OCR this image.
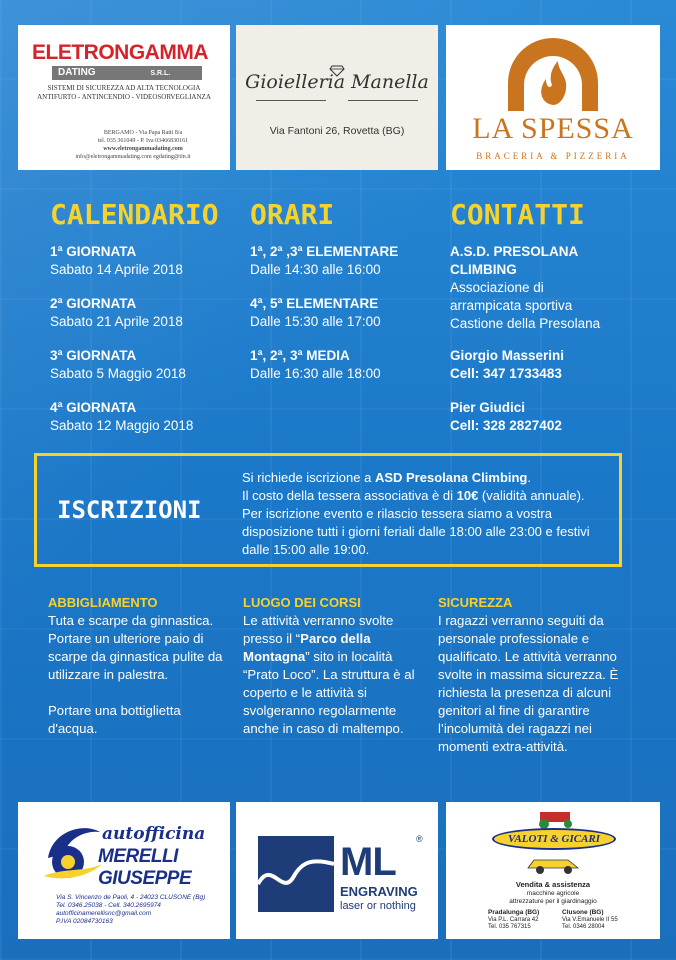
ELETRONGAMMA
DATING	S.R.L.
SISTEMI DI SICUREZZA AD ALTA TECNOLOGIA
ANTIFURTO - ANTINCENDIO - VIDEOSORVEGLIANZA
BERGAMO - Via Papa Ratti 8/a
tel. 035 361049 - P. Iva 03466830161
www.eletrongammadating.com
info@eletrongammadating.com egdating@tin.it
Gioielleria Manella
Via Fantoni 26, Rovetta (BG)	LA SPESSA
BRACERIA & PIZZERIA
CALENDARIO ORARI	CONTATTI
1ª GIORNATA
Sabato 14 Aprile 2018
2ª GIORNATA
Sabato 21 Aprile 2018
3ª GIORNATA
Sabato 5 Maggio 2018
4ª GIORNATA
Sabato 12 Maggio 2018
1ª, 2ª ,3ª ELEMENTARE
Dalle 14:30 alle 16:00
4ª, 5ª ELEMENTARE
Dalle 15:30 alle 17:00
1ª, 2ª, 3ª MEDIA
Dalle 16:30 alle 18:00
A.S.D. PRESOLANA
CLIMBING
Associazione di
arrampicata sportiva
Castione della Presolana
Giorgio Masserini
Cell: 347 1733483
Pier Giudici
Cell: 328 2827402
ISCRIZIONI
Si richiede iscrizione a ASD Presolana Climbing.
Il costo della tessera associativa è di 10€ (validità annuale). Per iscrizione evento e rilascio tessera siamo a vostra disposizione tutti i giorni feriali dalle 18:00 alle 23:00 e festivi dalle 15:00 alle 19:00.
ABBIGLIAMENTO

Tuta e scarpe da ginnastica. Portare un ulteriore paio di scarpe da ginnastica pulite da utilizzare in palestra.

Portare una bottiglietta d'acqua.

LUOGO DEI CORSI

Le attività verranno svolte presso il “Parco della Montagna” sito in località “Prato Loco”. La struttura è al coperto e le attività si svolgeranno regolarmente anche in caso di maltempo.

SICUREZZA

I ragazzi verranno seguiti da personale professionale e qualificato. Le attività verranno svolte in massima sicurezza. È richiesta la presenza di alcuni genitori al fine di garantire l’incolumità dei ragazzi nei momenti extra-attività.

autofficina
MERELLI GIUSEPPE
Via S. Vincenzo de Paoli, 4 - 24023 CLUSONE (Bg)
Tel. 0346.25038 - Cell. 340.2695974
autofficinamerellisnc@gmail.com
P.IVA 02084730163
ML
®
ENGRAVING
laser or nothing
VALOTI & GICARI
Vendita & assistenza
macchine agricole
attrezzature per il giardinaggio
Pradalunga (BG)
Via P.L. Carrara 42
Tel. 035 767315
Clusone (BG)
Via V.Emanuele II 55
Tel. 0346 28004
